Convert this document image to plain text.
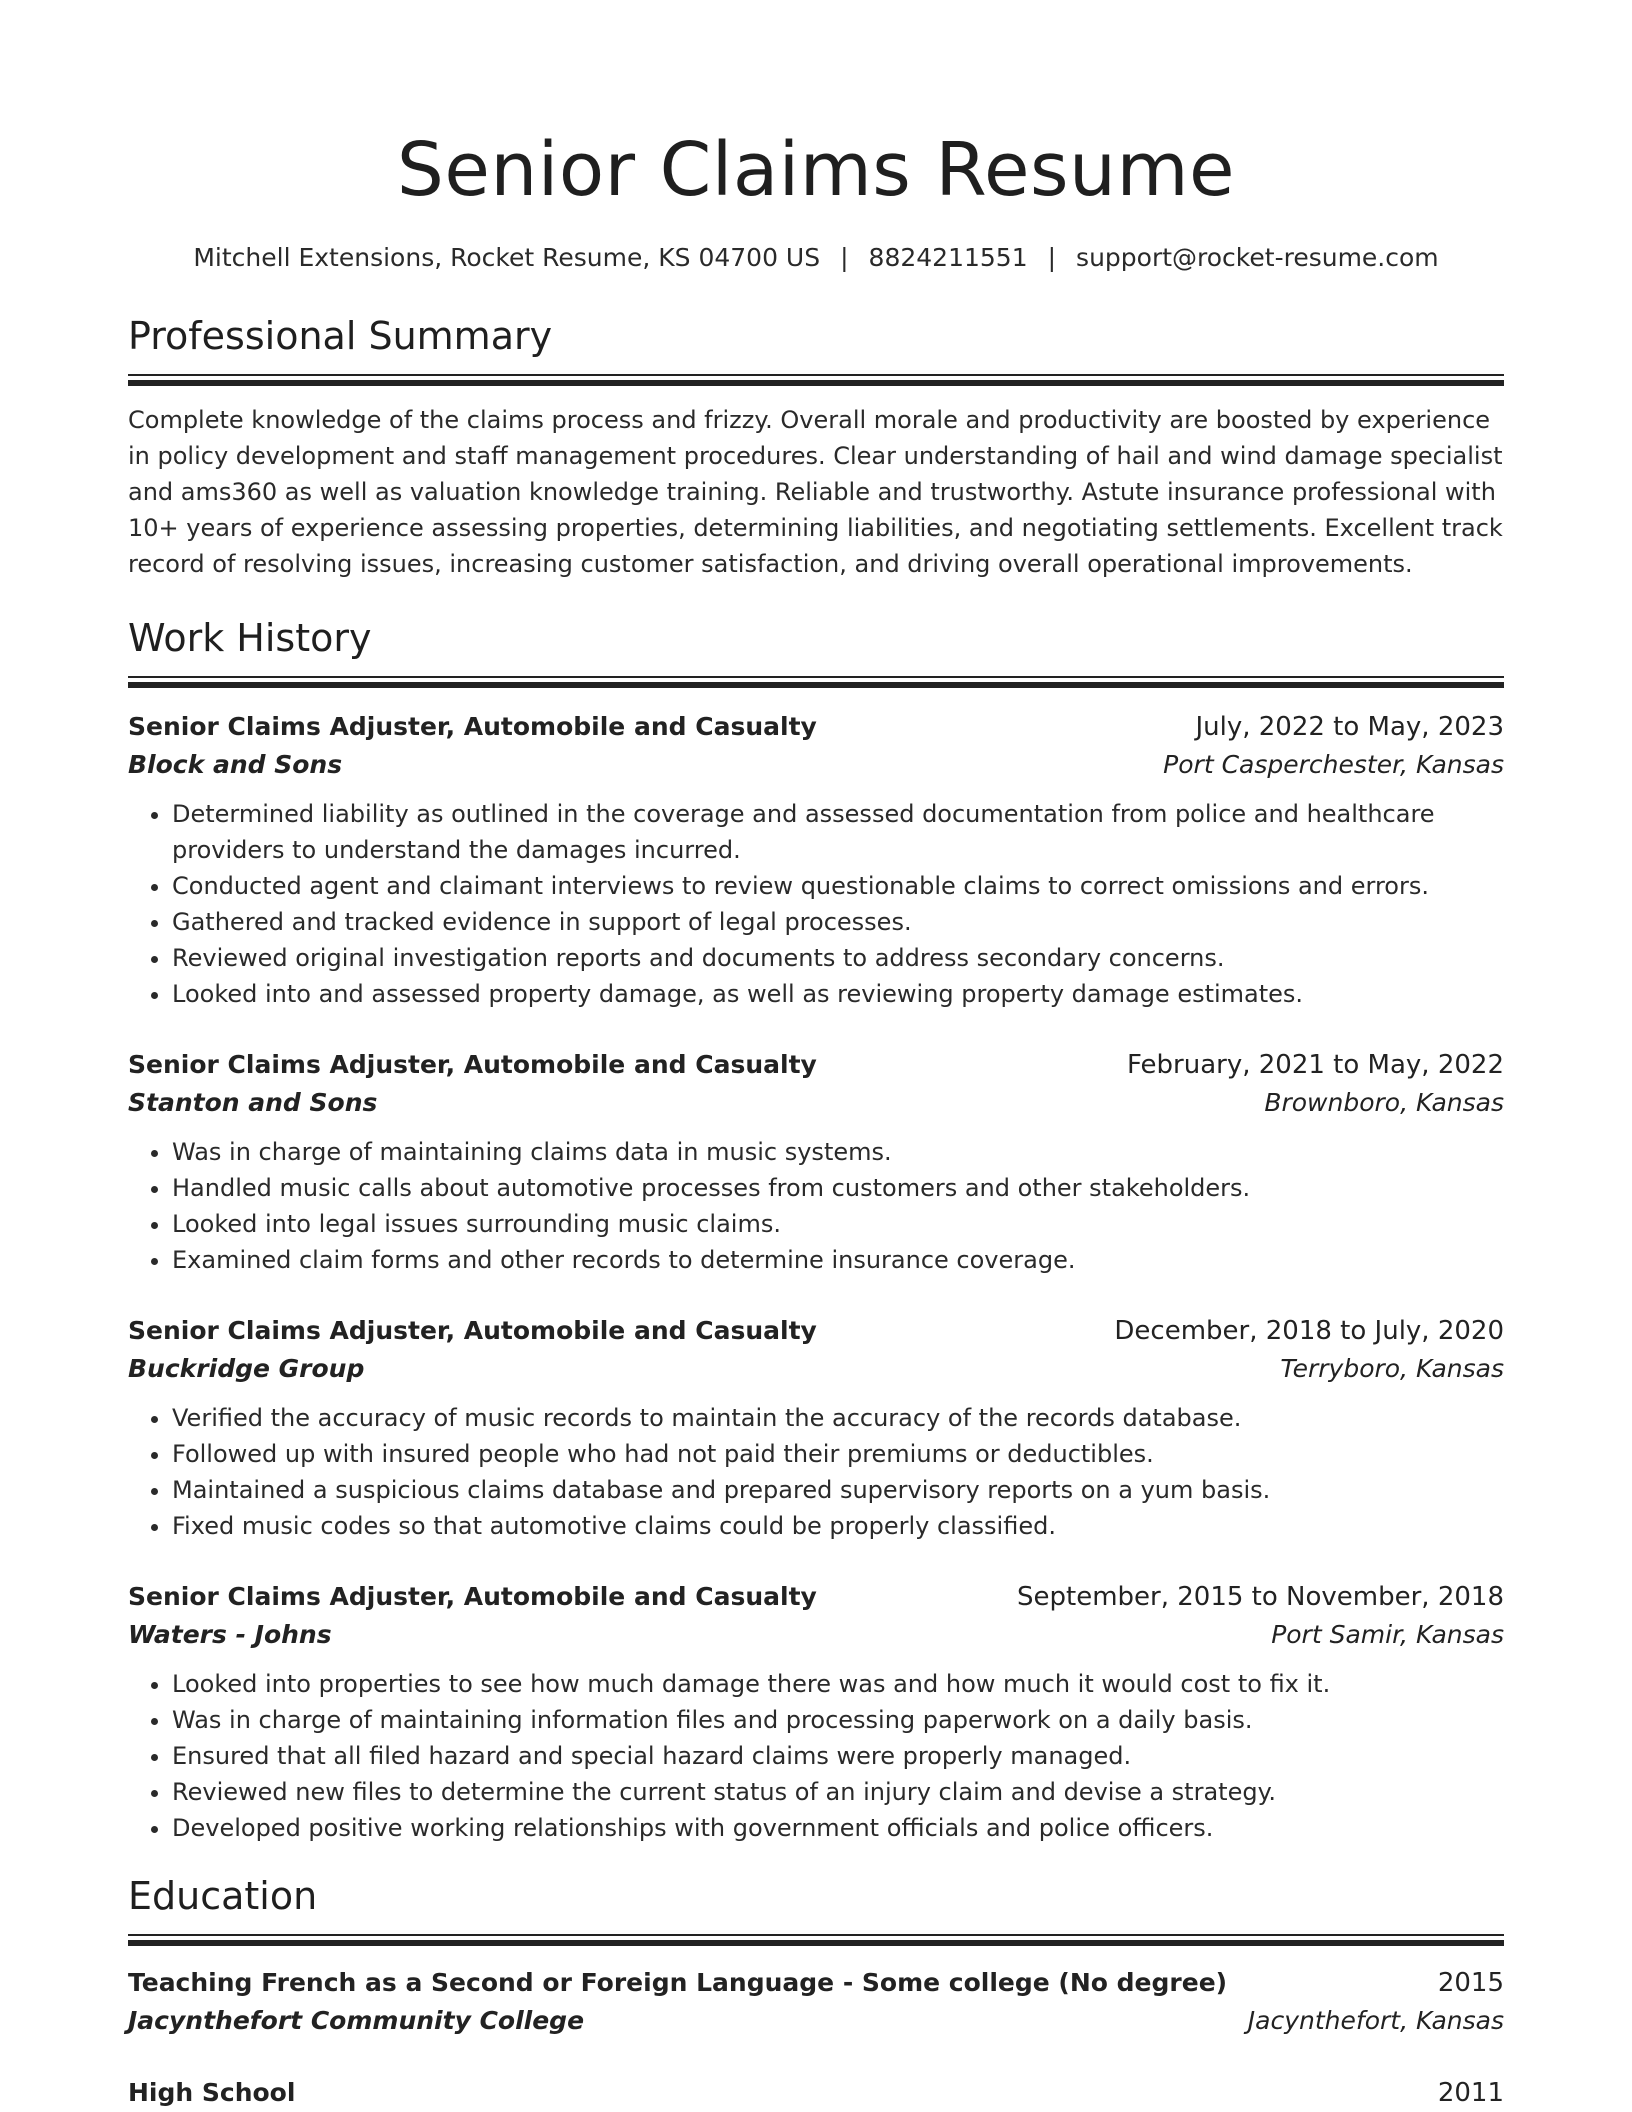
Senior Claims Resume
Mitchell Extensions, Rocket Resume, KS 04700 US | 8824211551 | support@rocket-resume.com
Professional Summary

Complete knowledge of the claims process and frizzy. Overall morale and productivity are boosted by experience in policy development and staff management procedures. Clear understanding of hail and wind damage specialist and ams360 as well as valuation knowledge training. Reliable and trustworthy. Astute insurance professional with 10+ years of experience assessing properties, determining liabilities, and negotiating settlements. Excellent track record of resolving issues, increasing customer satisfaction, and driving overall operational improvements.

Work History
Senior Claims Adjuster, Automobile and Casualty	July, 2022 to May, 2023
Block and Sons	Port Casperchester, Kansas
• Determined liability as outlined in the coverage and assessed documentation from police and healthcare providers to understand the damages incurred.
• Conducted agent and claimant interviews to review questionable claims to correct omissions and errors.
• Gathered and tracked evidence in support of legal processes.
• Reviewed original investigation reports and documents to address secondary concerns.
• Looked into and assessed property damage, as well as reviewing property damage estimates.
Senior Claims Adjuster, Automobile and Casualty	February, 2021 to May, 2022
Stanton and Sons	Brownboro, Kansas
• Was in charge of maintaining claims data in music systems.
• Handled music calls about automotive processes from customers and other stakeholders.
• Looked into legal issues surrounding music claims.
• Examined claim forms and other records to determine insurance coverage.
Senior Claims Adjuster, Automobile and Casualty	December, 2018 to July, 2020
Buckridge Group	Terryboro, Kansas
• Verified the accuracy of music records to maintain the accuracy of the records database.
• Followed up with insured people who had not paid their premiums or deductibles.
• Maintained a suspicious claims database and prepared supervisory reports on a yum basis.
• Fixed music codes so that automotive claims could be properly classified.
Senior Claims Adjuster, Automobile and Casualty	September, 2015 to November, 2018
Waters - Johns	Port Samir, Kansas
• Looked into properties to see how much damage there was and how much it would cost to fix it.
• Was in charge of maintaining information files and processing paperwork on a daily basis.
• Ensured that all filed hazard and special hazard claims were properly managed.
• Reviewed new files to determine the current status of an injury claim and devise a strategy.
• Developed positive working relationships with government officials and police officers.
Education
Teaching French as a Second or Foreign Language - Some college (No degree)	2015
Jacynthefort Community College	Jacynthefort, Kansas
High School	2011
